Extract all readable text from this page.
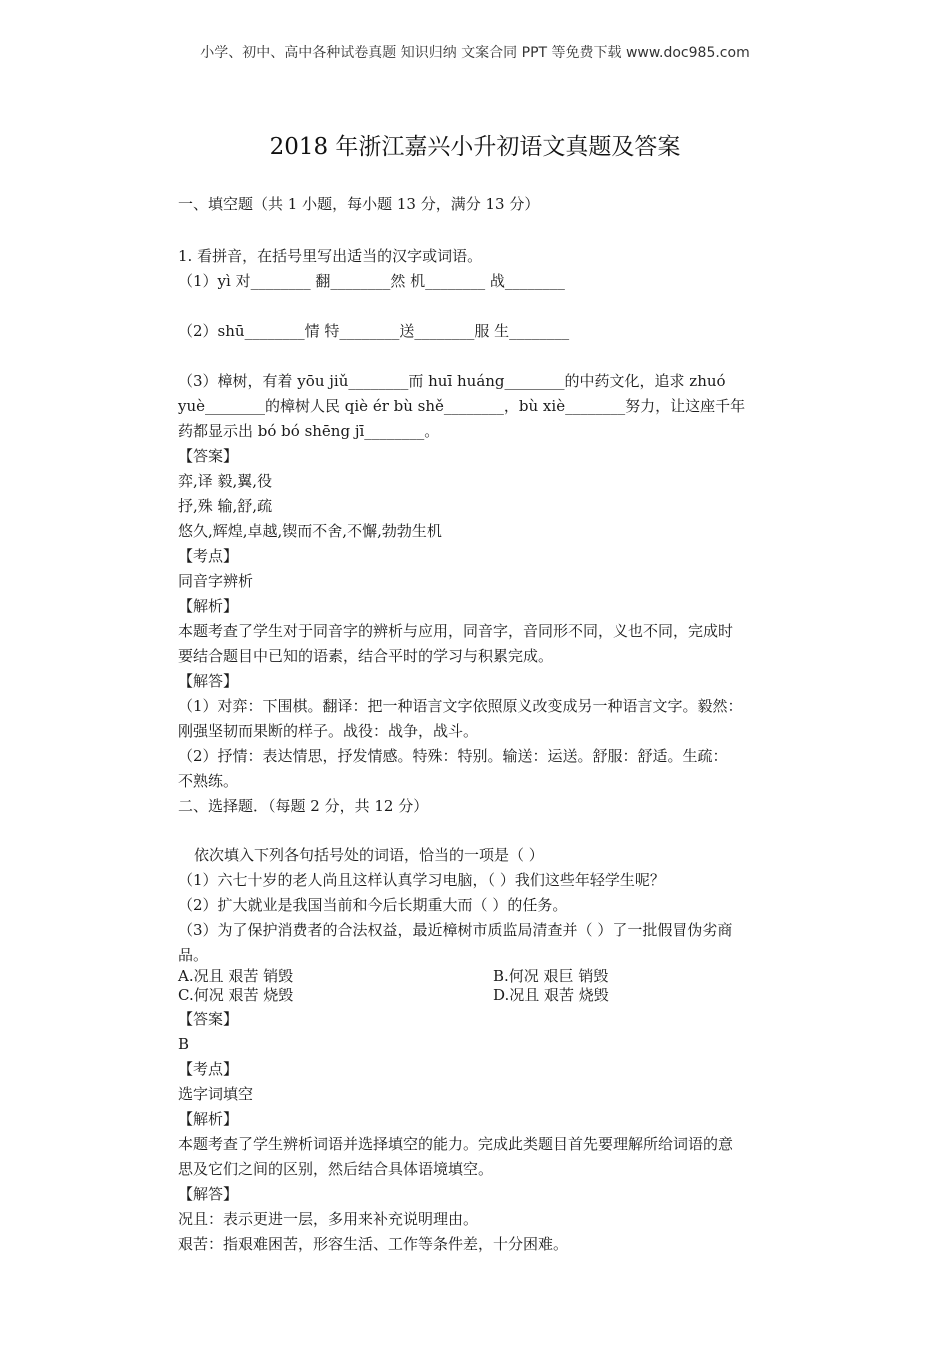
小学、初中、高中各种试卷真题 知识归纳 文案合同 PPT 等免费下载 www.doc985.com
2018 年浙江嘉兴小升初语文真题及答案
一、填空题（共 1 小题，每小题 13 分，满分 13 分）
1. 看拼音，在括号里写出适当的汉字或词语。
（1）yì 对________ 翻________然 机________ 战________
（2）shū________情 特________送________服 生________
（3）樟树，有着 yōu jiǔ________而 huī huáng________的中药文化，追求 zhuó
yuè________的樟树人民 qiè ér bù shě________，bù xiè________努力，让这座千年
药都显示出 bó bó shēng jī________。
【答案】
弈,译 毅,翼,役
抒,殊 输,舒,疏
悠久,辉煌,卓越,锲而不舍,不懈,勃勃生机
【考点】
同音字辨析
【解析】
本题考查了学生对于同音字的辨析与应用，同音字，音同形不同，义也不同，完成时
要结合题目中已知的语素，结合平时的学习与积累完成。
【解答】
（1）对弈：下围棋。翻译：把一种语言文字依照原义改变成另一种语言文字。毅然：
刚强坚韧而果断的样子。战役：战争，战斗。
（2）抒情：表达情思，抒发情感。特殊：特别。输送：运送。舒服：舒适。生疏：
不熟练。
二、选择题．（每题 2 分，共 12 分）
依次填入下列各句括号处的词语，恰当的一项是（ ）
（1）六七十岁的老人尚且这样认真学习电脑，（ ）我们这些年轻学生呢？
（2）扩大就业是我国当前和今后长期重大而（ ）的任务。
（3）为了保护消费者的合法权益，最近樟树市质监局清查并（ ）了一批假冒伪劣商
品。
A.况且 艰苦 销毁	B.何况 艰巨 销毁
C.何况 艰苦 烧毁	D.况且 艰苦 烧毁
【答案】
B
【考点】
选字词填空
【解析】
本题考查了学生辨析词语并选择填空的能力。完成此类题目首先要理解所给词语的意
思及它们之间的区别，然后结合具体语境填空。
【解答】
况且：表示更进一层，多用来补充说明理由。
艰苦：指艰难困苦，形容生活、工作等条件差，十分困难。
